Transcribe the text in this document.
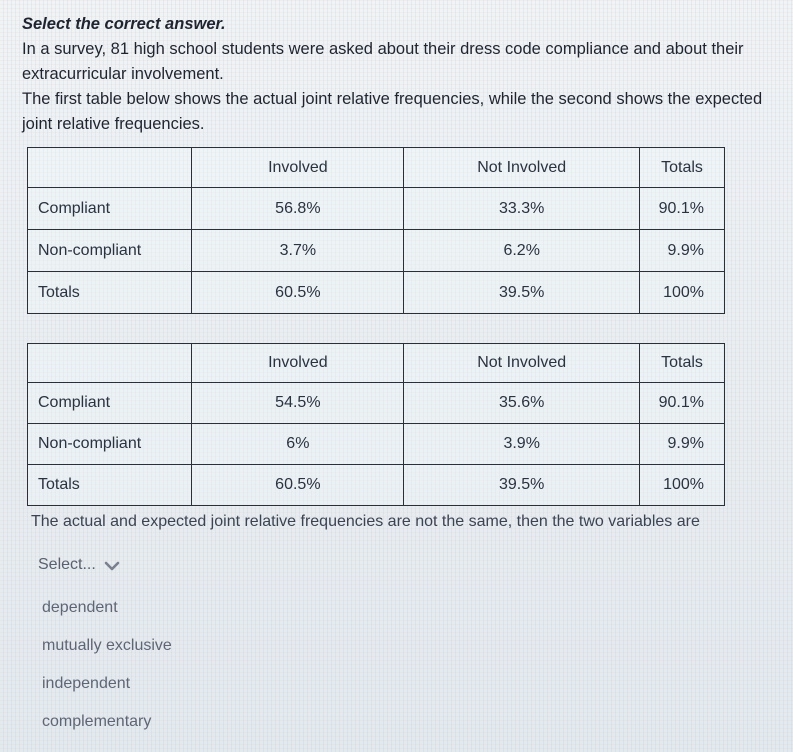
Select the correct answer.
In a survey, 81 high school students were asked about their dress code compliance and about their
extracurricular involvement.
The first table below shows the actual joint relative frequencies, while the second shows the expected
joint relative frequencies.
	Involved	Not Involved	Totals
Compliant	56.8%	33.3%	90.1%
Non-compliant	3.7%	6.2%	9.9%
Totals	60.5%	39.5%	100%
	Involved	Not Involved	Totals
Compliant	54.5%	35.6%	90.1%
Non-compliant	6%	3.9%	9.9%
Totals	60.5%	39.5%	100%
The actual and expected joint relative frequencies are not the same, then the two variables are
Select...
dependent
mutually exclusive
independent
complementary
